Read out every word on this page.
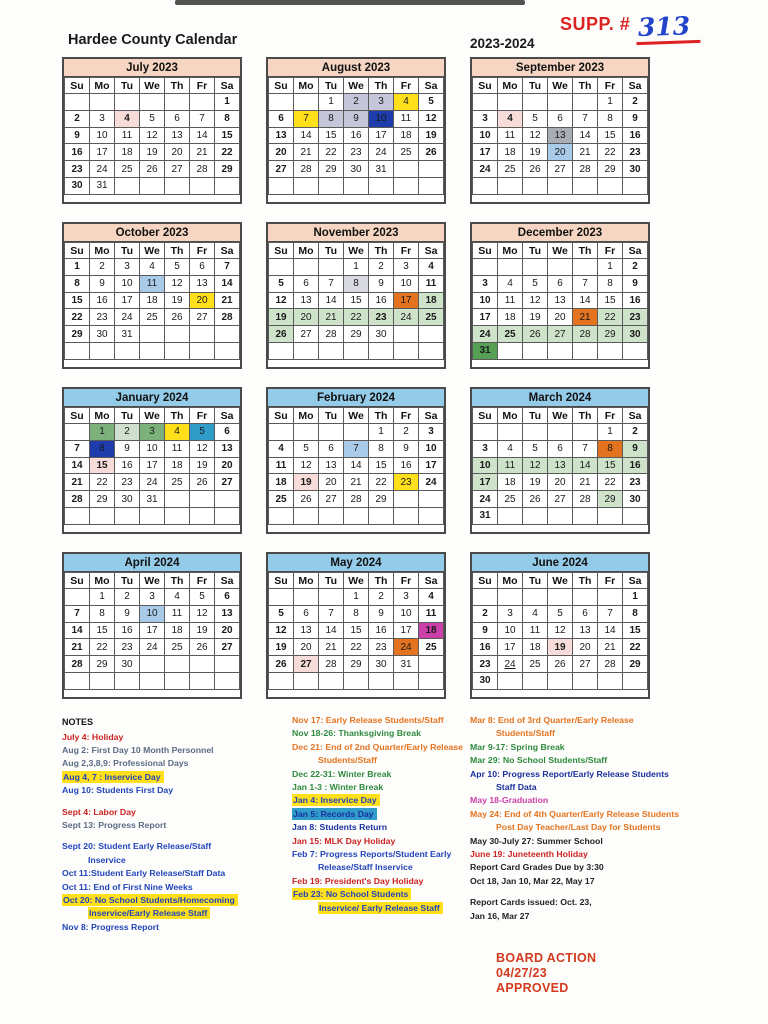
Hardee County Calendar	2023-2024
SUPP. # 313
July 2023
Su	Mo	Tu	We	Th	Fr	Sa
						1
2	3	4	5	6	7	8
9	10	11	12	13	14	15
16	17	18	19	20	21	22
23	24	25	26	27	28	29
30	31					
August 2023
Su	Mo	Tu	We	Th	Fr	Sa
		1	2	3	4	5
6	7	8	9	10	11	12
13	14	15	16	17	18	19
20	21	22	23	24	25	26
27	28	29	30	31		

September 2023
Su	Mo	Tu	We	Th	Fr	Sa
					1	2
3	4	5	6	7	8	9
10	11	12	13	14	15	16
17	18	19	20	21	22	23
24	25	26	27	28	29	30

October 2023
Su	Mo	Tu	We	Th	Fr	Sa
1	2	3	4	5	6	7
8	9	10	11	12	13	14
15	16	17	18	19	20	21
22	23	24	25	26	27	28
29	30	31				

November 2023
Su	Mo	Tu	We	Th	Fr	Sa
			1	2	3	4
5	6	7	8	9	10	11
12	13	14	15	16	17	18
19	20	21	22	23	24	25
26	27	28	29	30		

December 2023
Su	Mo	Tu	We	Th	Fr	Sa
					1	2
3	4	5	6	7	8	9
10	11	12	13	14	15	16
17	18	19	20	21	22	23
24	25	26	27	28	29	30
31						
January 2024
Su	Mo	Tu	We	Th	Fr	Sa
	1	2	3	4	5	6
7	8	9	10	11	12	13
14	15	16	17	18	19	20
21	22	23	24	25	26	27
28	29	30	31			

February 2024
Su	Mo	Tu	We	Th	Fr	Sa
				1	2	3
4	5	6	7	8	9	10
11	12	13	14	15	16	17
18	19	20	21	22	23	24
25	26	27	28	29		

March 2024
Su	Mo	Tu	We	Th	Fr	Sa
					1	2
3	4	5	6	7	8	9
10	11	12	13	14	15	16
17	18	19	20	21	22	23
24	25	26	27	28	29	30
31						
April 2024
Su	Mo	Tu	We	Th	Fr	Sa
	1	2	3	4	5	6
7	8	9	10	11	12	13
14	15	16	17	18	19	20
21	22	23	24	25	26	27
28	29	30				

May 2024
Su	Mo	Tu	We	Th	Fr	Sa
			1	2	3	4
5	6	7	8	9	10	11
12	13	14	15	16	17	18
19	20	21	22	23	24	25
26	27	28	29	30	31	

June 2024
Su	Mo	Tu	We	Th	Fr	Sa
						1
2	3	4	5	6	7	8
9	10	11	12	13	14	15
16	17	18	19	20	21	22
23	24	25	26	27	28	29
30						
NOTES
July 4: Holiday
Aug 2: First Day 10 Month Personnel
Aug 2,3,8,9: Professional Days
Aug 4, 7 : Inservice Day
Aug 10: Students First Day
Sept 4: Labor Day
Sept 13: Progress Report
Sept 20: Student Early Release/Staff
Inservice
Oct 11:Student Early Release/Staff Data
Oct 11: End of First Nine Weeks
Oct 20: No School Students/Homecoming
Inservice/Early Release Staff
Nov 8: Progress Report
Nov 17: Early Release Students/Staff
Nov 18-26: Thanksgiving Break
Dec 21: End of 2nd Quarter/Early Release
Students/Staff
Dec 22-31: Winter Break
Jan 1-3 : Winter Break
Jan 4: Inservice Day
Jan 5: Records Day
Jan 8: Students Return
Jan 15: MLK Day Holiday
Feb 7: Progress Reports/Student Early
Release/Staff Inservice
Feb 19: President's Day Holiday
Feb 23: No School Students
Inservice/ Early Release Staff
Mar 8: End of 3rd Quarter/Early Release
Students/Staff
Mar 9-17: Spring Break
Mar 29: No School Students/Staff
Apr 10: Progress Report/Early Release Students
Staff Data
May 18-Graduation
May 24: End of 4th Quarter/Early Release Students
Post Day Teacher/Last Day for Students
May 30-July 27: Summer School
June 19: Juneteenth Holiday
Report Card Grades Due by 3:30
Oct 18, Jan 10, Mar 22, May 17
Report Cards issued: Oct. 23,
Jan 16, Mar 27
BOARD ACTION
04/27/23
APPROVED
